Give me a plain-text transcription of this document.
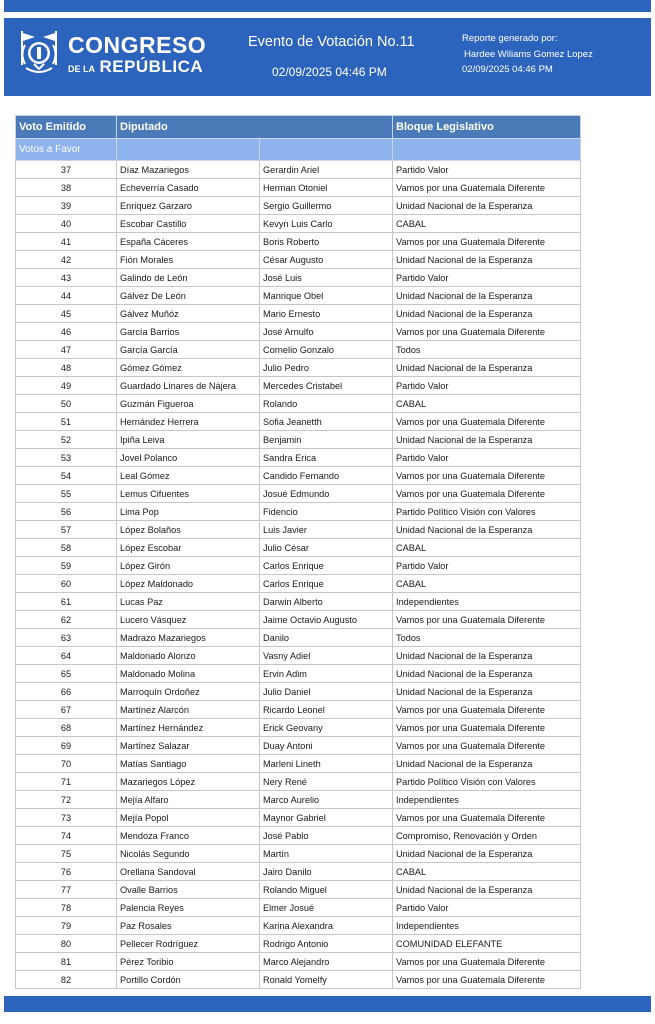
CONGRESO
DE LA REPÚBLICA
Evento de Votación No.11
02/09/2025 04:46 PM
Reporte generado por:
Hardee Wiliams Gomez Lopez
02/09/2025 04:46 PM
Voto Emitido	Diputado		Bloque Legislativo
Votos a Favor			
37	Díaz Mazariegos	Gerardin Ariel	Partido Valor
38	Echeverría Casado	Herman Otoniel	Vamos por una Guatemala Diferente
39	Enriquez Garzaro	Sergio Guillermo	Unidad Nacional de la Esperanza
40	Escobar Castillo	Kevyn Luis Carlo	CABAL
41	España Cáceres	Boris Roberto	Vamos por una Guatemala Diferente
42	Fión Morales	César Augusto	Unidad Nacional de la Esperanza
43	Galindo de León	José Luis	Partido Valor
44	Gálvez De León	Manrique Obel	Unidad Nacional de la Esperanza
45	Gálvez Muñóz	Mario Ernesto	Unidad Nacional de la Esperanza
46	García Barrios	José Arnulfo	Vamos por una Guatemala Diferente
47	García García	Cornelio Gonzalo	Todos
48	Gómez Gómez	Julio Pedro	Unidad Nacional de la Esperanza
49	Guardado Linares de Nájera	Mercedes Cristabel	Partido Valor
50	Guzmán Figueroa	Rolando	CABAL
51	Hernández Herrera	Sofia Jeanetth	Vamos por una Guatemala Diferente
52	Ipiña Leiva	Benjamin	Unidad Nacional de la Esperanza
53	Jovel Polanco	Sandra Erica	Partido Valor
54	Leal Gómez	Candido Fernando	Vamos por una Guatemala Diferente
55	Lemus Cifuentes	Josué Edmundo	Vamos por una Guatemala Diferente
56	Lima Pop	Fidencio	Partido Político Visión con Valores
57	López Bolaños	Luis Javier	Unidad Nacional de la Esperanza
58	López Escobar	Julio César	CABAL
59	López Girón	Carlos Enrique	Partido Valor
60	López Maldonado	Carlos Enrique	CABAL
61	Lucas Paz	Darwin Alberto	Independientes
62	Lucero Vásquez	Jaime Octavio Augusto	Vamos por una Guatemala Diferente
63	Madrazo Mazariegos	Danilo	Todos
64	Maldonado Alonzo	Vasny Adiel	Unidad Nacional de la Esperanza
65	Maldonado Molina	Ervin Adim	Unidad Nacional de la Esperanza
66	Marroquín Ordoñez	Julio Daniel	Unidad Nacional de la Esperanza
67	Martínez Alarcón	Ricardo Leonel	Vamos por una Guatemala Diferente
68	Martínez Hernández	Erick Geovany	Vamos por una Guatemala Diferente
69	Martínez Salazar	Duay Antoni	Vamos por una Guatemala Diferente
70	Matías Santiago	Marleni Lineth	Unidad Nacional de la Esperanza
71	Mazariegos López	Nery René	Partido Político Visión con Valores
72	Mejía Alfaro	Marco Aurelio	Independientes
73	Mejía Popol	Maynor Gabriel	Vamos por una Guatemala Diferente
74	Mendoza Franco	José Pablo	Compromiso, Renovación y Orden
75	Nicolás Segundo	Martín	Unidad Nacional de la Esperanza
76	Orellana Sandoval	Jairo Danilo	CABAL
77	Ovalle Barrios	Rolando Miguel	Unidad Nacional de la Esperanza
78	Palencia Reyes	Elmer Josué	Partido Valor
79	Paz Rosales	Karina Alexandra	Independientes
80	Pellecer Rodríguez	Rodrigo Antonio	COMUNIDAD ELEFANTE
81	Pérez Toribio	Marco Alejandro	Vamos por una Guatemala Diferente
82	Portillo Cordón	Ronald Yomelfy	Vamos por una Guatemala Diferente
